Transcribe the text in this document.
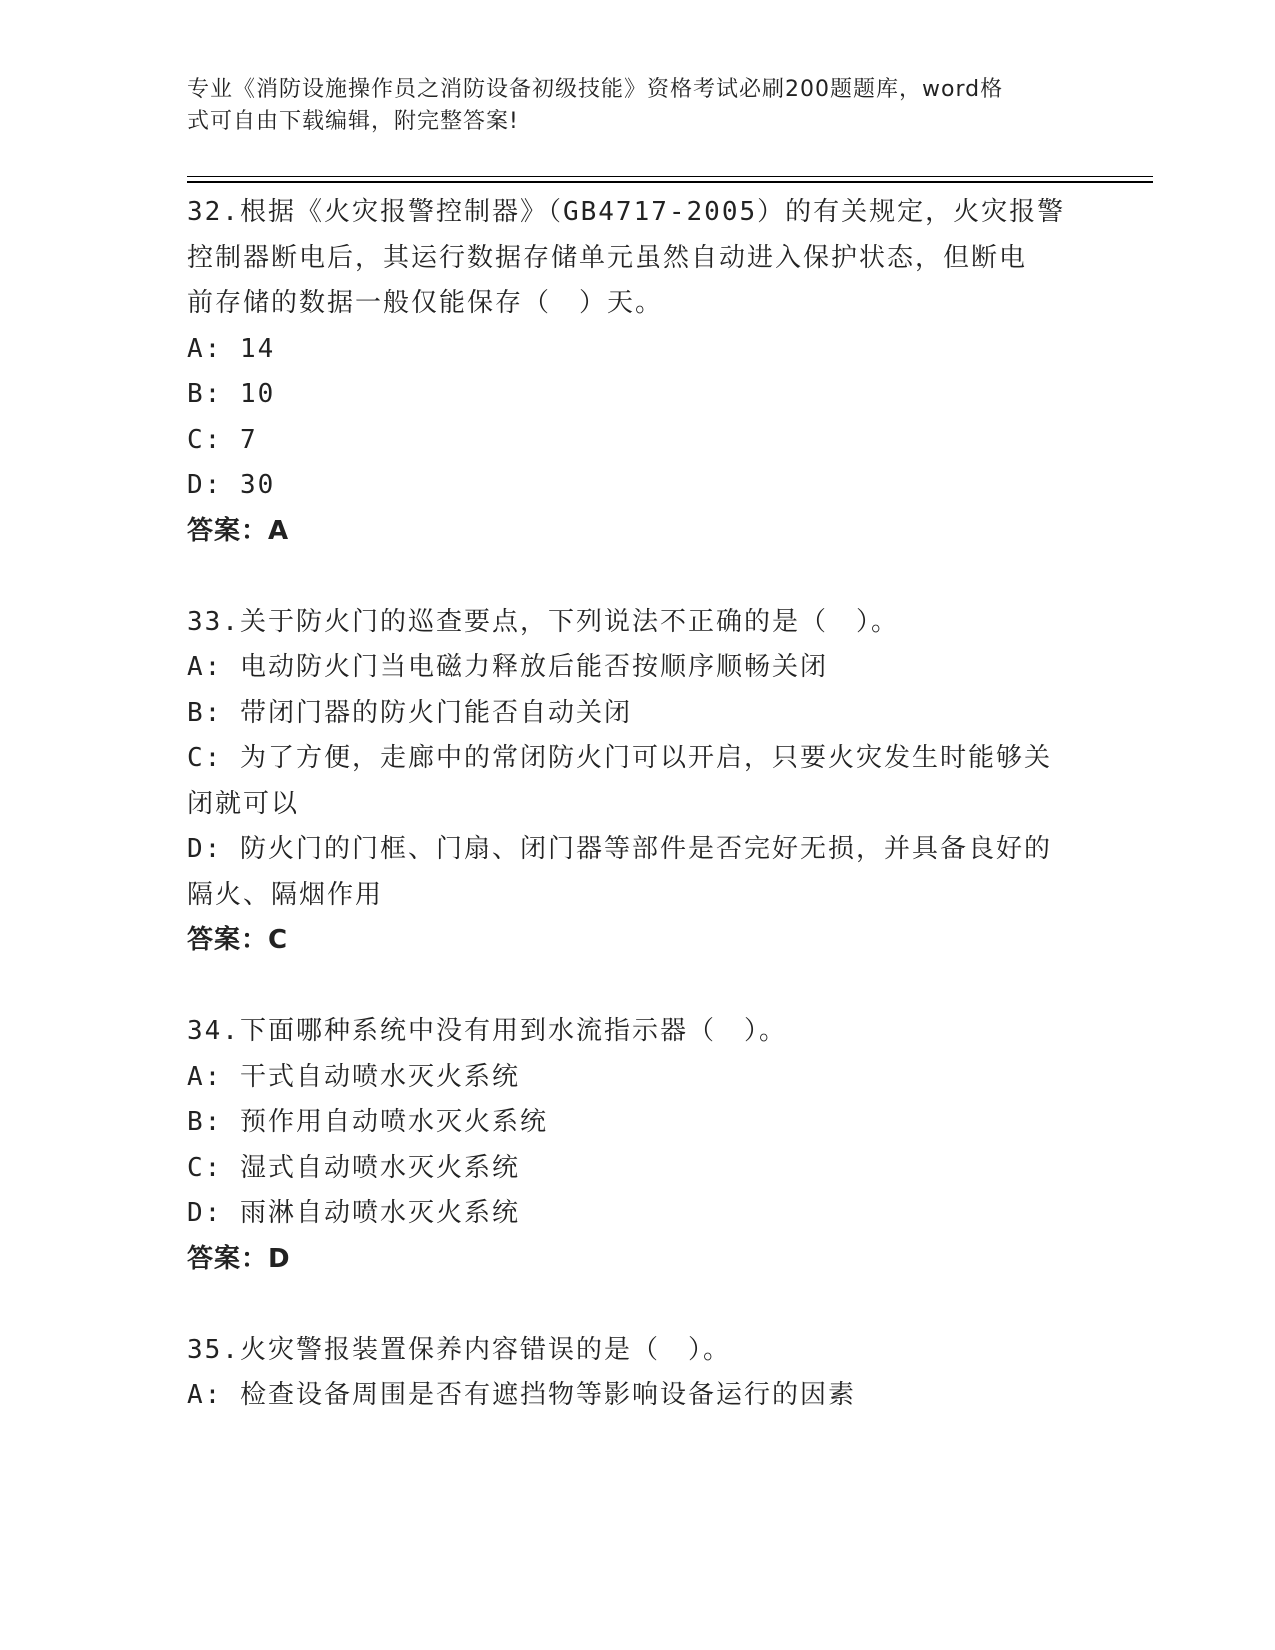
专业《消防设施操作员之消防设备初级技能》资格考试必刷200题题库，word格
式可自由下载编辑，附完整答案!
32.根据《火灾报警控制器》（GB4717-2005）的有关规定，火灾报警
控制器断电后，其运行数据存储单元虽然自动进入保护状态，但断电
前存储的数据一般仅能保存（　）天。
A: 14
B: 10
C: 7
D: 30
答案：A
33.关于防火门的巡查要点，下列说法不正确的是（　）。
A: 电动防火门当电磁力释放后能否按顺序顺畅关闭
B: 带闭门器的防火门能否自动关闭
C: 为了方便，走廊中的常闭防火门可以开启，只要火灾发生时能够关
闭就可以
D: 防火门的门框、门扇、闭门器等部件是否完好无损，并具备良好的
隔火、隔烟作用
答案：C
34.下面哪种系统中没有用到水流指示器（　）。
A: 干式自动喷水灭火系统
B: 预作用自动喷水灭火系统
C: 湿式自动喷水灭火系统
D: 雨淋自动喷水灭火系统
答案：D
35.火灾警报装置保养内容错误的是（　）。
A: 检查设备周围是否有遮挡物等影响设备运行的因素
